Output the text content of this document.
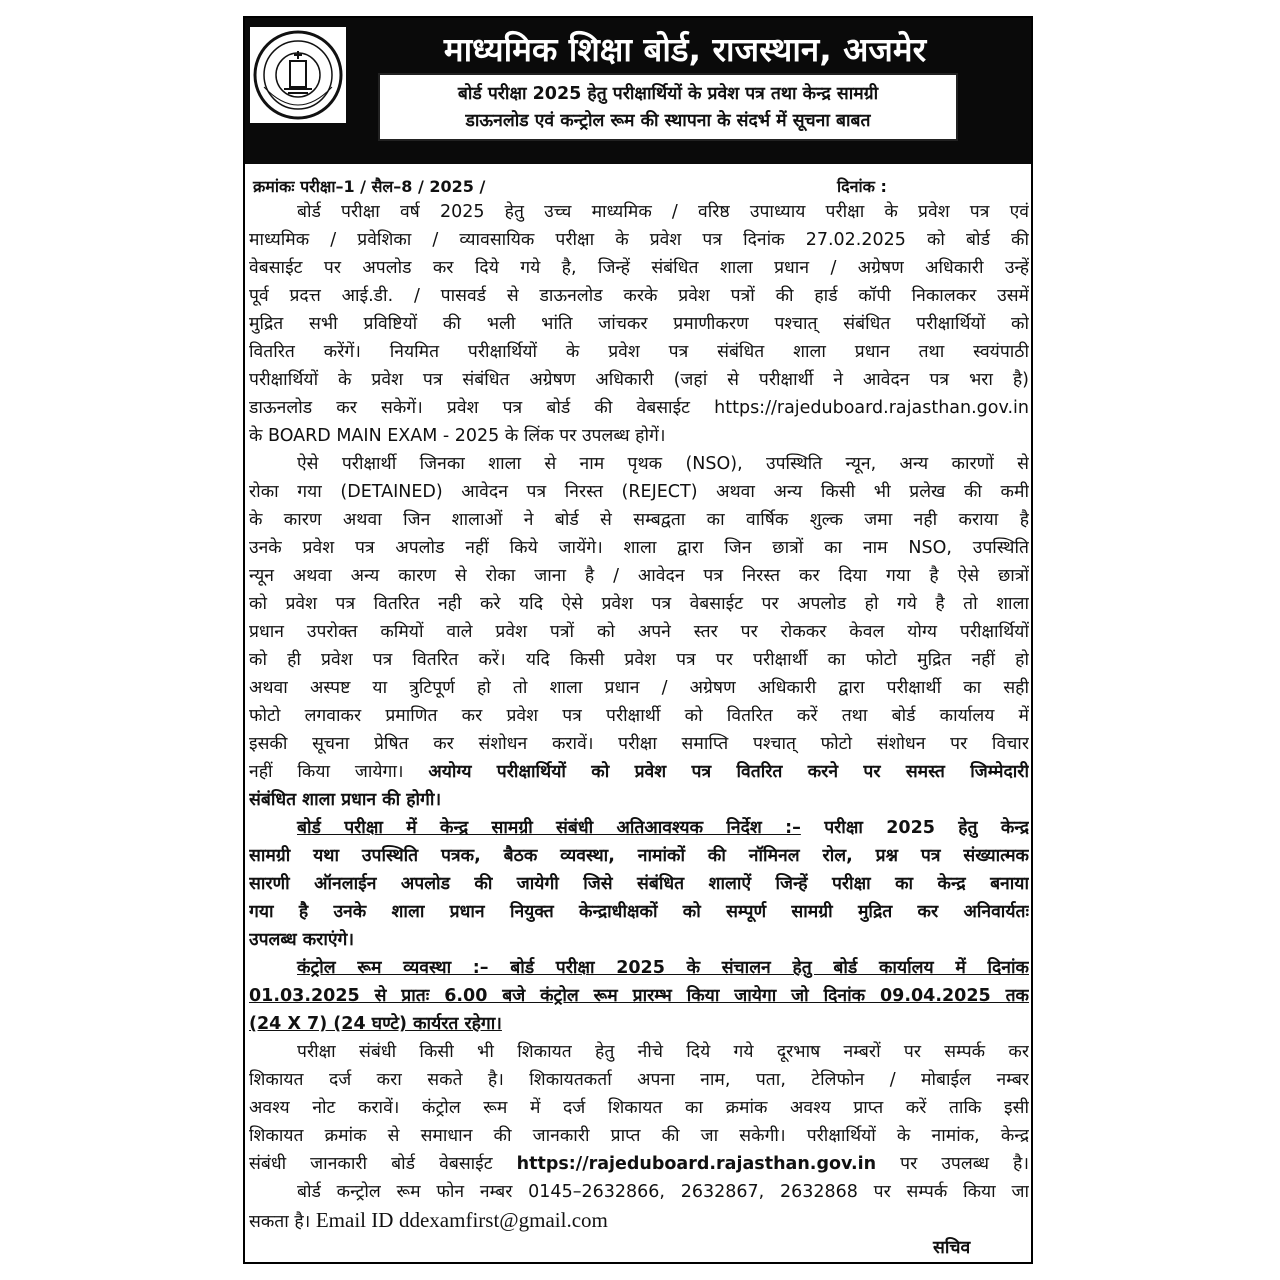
माध्यमिक शिक्षा बोर्ड, राजस्थान, अजमेर
बोर्ड परीक्षा 2025 हेतु परीक्षार्थियों के प्रवेश पत्र तथा केन्द्र सामग्री
डाऊनलोड एवं कन्ट्रोल रूम की स्थापना के संदर्भ में सूचना बाबत
क्रमांकः परीक्षा–1 / सैल–8 / 2025 /	दिनांक :
बोर्ड परीक्षा वर्ष 2025 हेतु उच्च माध्यमिक / वरिष्ठ उपाध्याय परीक्षा के प्रवेश पत्र एवं
माध्यमिक / प्रवेशिका / व्यावसायिक परीक्षा के प्रवेश पत्र दिनांक 27.02.2025 को बोर्ड की
वेबसाईट पर अपलोड कर दिये गये है, जिन्हें संबंधित शाला प्रधान / अग्रेषण अधिकारी उन्हें
पूर्व प्रदत्त आई.डी. / पासवर्ड से डाऊनलोड करके प्रवेश पत्रों की हार्ड कॉपी निकालकर उसमें
मुद्रित सभी प्रविष्टियों की भली भांति जांचकर प्रमाणीकरण पश्चात् संबंधित परीक्षार्थियों को
वितरित करेंगें। नियमित परीक्षार्थियों के प्रवेश पत्र संबंधित शाला प्रधान तथा स्वयंपाठी
परीक्षार्थियों के प्रवेश पत्र संबंधित अग्रेषण अधिकारी (जहां से परीक्षार्थी ने आवेदन पत्र भरा है)
डाऊनलोड कर सकेगें। प्रवेश पत्र बोर्ड की वेबसाईट https://rajeduboard.rajasthan.gov.in
के BOARD MAIN EXAM - 2025 के लिंक पर उपलब्ध होगें।
ऐसे परीक्षार्थी जिनका शाला से नाम पृथक (NSO), उपस्थिति न्यून, अन्य कारणों से
रोका गया (DETAINED) आवेदन पत्र निरस्त (REJECT) अथवा अन्य किसी भी प्रलेख की कमी
के कारण अथवा जिन शालाओं ने बोर्ड से सम्बद्वता का वार्षिक शुल्क जमा नही कराया है
उनके प्रवेश पत्र अपलोड नहीं किये जायेंगे। शाला द्वारा जिन छात्रों का नाम NSO, उपस्थिति
न्यून अथवा अन्य कारण से रोका जाना है / आवेदन पत्र निरस्त कर दिया गया है ऐसे छात्रों
को प्रवेश पत्र वितरित नही करे यदि ऐसे प्रवेश पत्र वेबसाईट पर अपलोड हो गये है तो शाला
प्रधान उपरोक्त कमियों वाले प्रवेश पत्रों को अपने स्तर पर रोककर केवल योग्य परीक्षार्थियों
को ही प्रवेश पत्र वितरित करें। यदि किसी प्रवेश पत्र पर परीक्षार्थी का फोटो मुद्रित नहीं हो
अथवा अस्पष्ट या त्रुटिपूर्ण हो तो शाला प्रधान / अग्रेषण अधिकारी द्वारा परीक्षार्थी का सही
फोटो लगवाकर प्रमाणित कर प्रवेश पत्र परीक्षार्थी को वितरित करें तथा बोर्ड कार्यालय में
इसकी सूचना प्रेषित कर संशोधन करावें। परीक्षा समाप्ति पश्चात् फोटो संशोधन पर विचार
नहीं किया जायेगा। अयोग्य परीक्षार्थियों को प्रवेश पत्र वितरित करने पर समस्त जिम्मेदारी
संबंधित शाला प्रधान की होगी।
बोर्ड परीक्षा में केन्द्र सामग्री संबंधी अतिआवश्यक निर्देश :– परीक्षा 2025 हेतु केन्द्र
सामग्री यथा उपस्थिति पत्रक, बैठक व्यवस्था, नामांकों की नॉमिनल रोल, प्रश्न पत्र संख्यात्मक
सारणी ऑनलाईन अपलोड की जायेगी जिसे संबंधित शालाऐं जिन्हें परीक्षा का केन्द्र बनाया
गया है उनके शाला प्रधान नियुक्त केन्द्राधीक्षकों को सम्पूर्ण सामग्री मुद्रित कर अनिवार्यतः
उपलब्ध कराएंगे।
कंट्रोल रूम व्यवस्था :– बोर्ड परीक्षा 2025 के संचालन हेतु बोर्ड कार्यालय में दिनांक
01.03.2025 से प्रातः 6.00 बजे कंट्रोल रूम प्रारम्भ किया जायेगा जो दिनांक 09.04.2025 तक
(24 X 7) (24 घण्टे) कार्यरत रहेगा।
परीक्षा संबंधी किसी भी शिकायत हेतु नीचे दिये गये दूरभाष नम्बरों पर सम्पर्क कर
शिकायत दर्ज करा सकते है। शिकायतकर्ता अपना नाम, पता, टेलिफोन / मोबाईल नम्बर
अवश्य नोट करावें। कंट्रोल रूम में दर्ज शिकायत का क्रमांक अवश्य प्राप्त करें ताकि इसी
शिकायत क्रमांक से समाधान की जानकारी प्राप्त की जा सकेगी। परीक्षार्थियों के नामांक, केन्द्र
संबंधी जानकारी बोर्ड वेबसाईट https://rajeduboard.rajasthan.gov.in पर उपलब्ध है।
बोर्ड कन्ट्रोल रूम फोन नम्बर 0145–2632866, 2632867, 2632868 पर सम्पर्क किया जा
सकता है। Email ID ddexamfirst@gmail.com
सचिव
